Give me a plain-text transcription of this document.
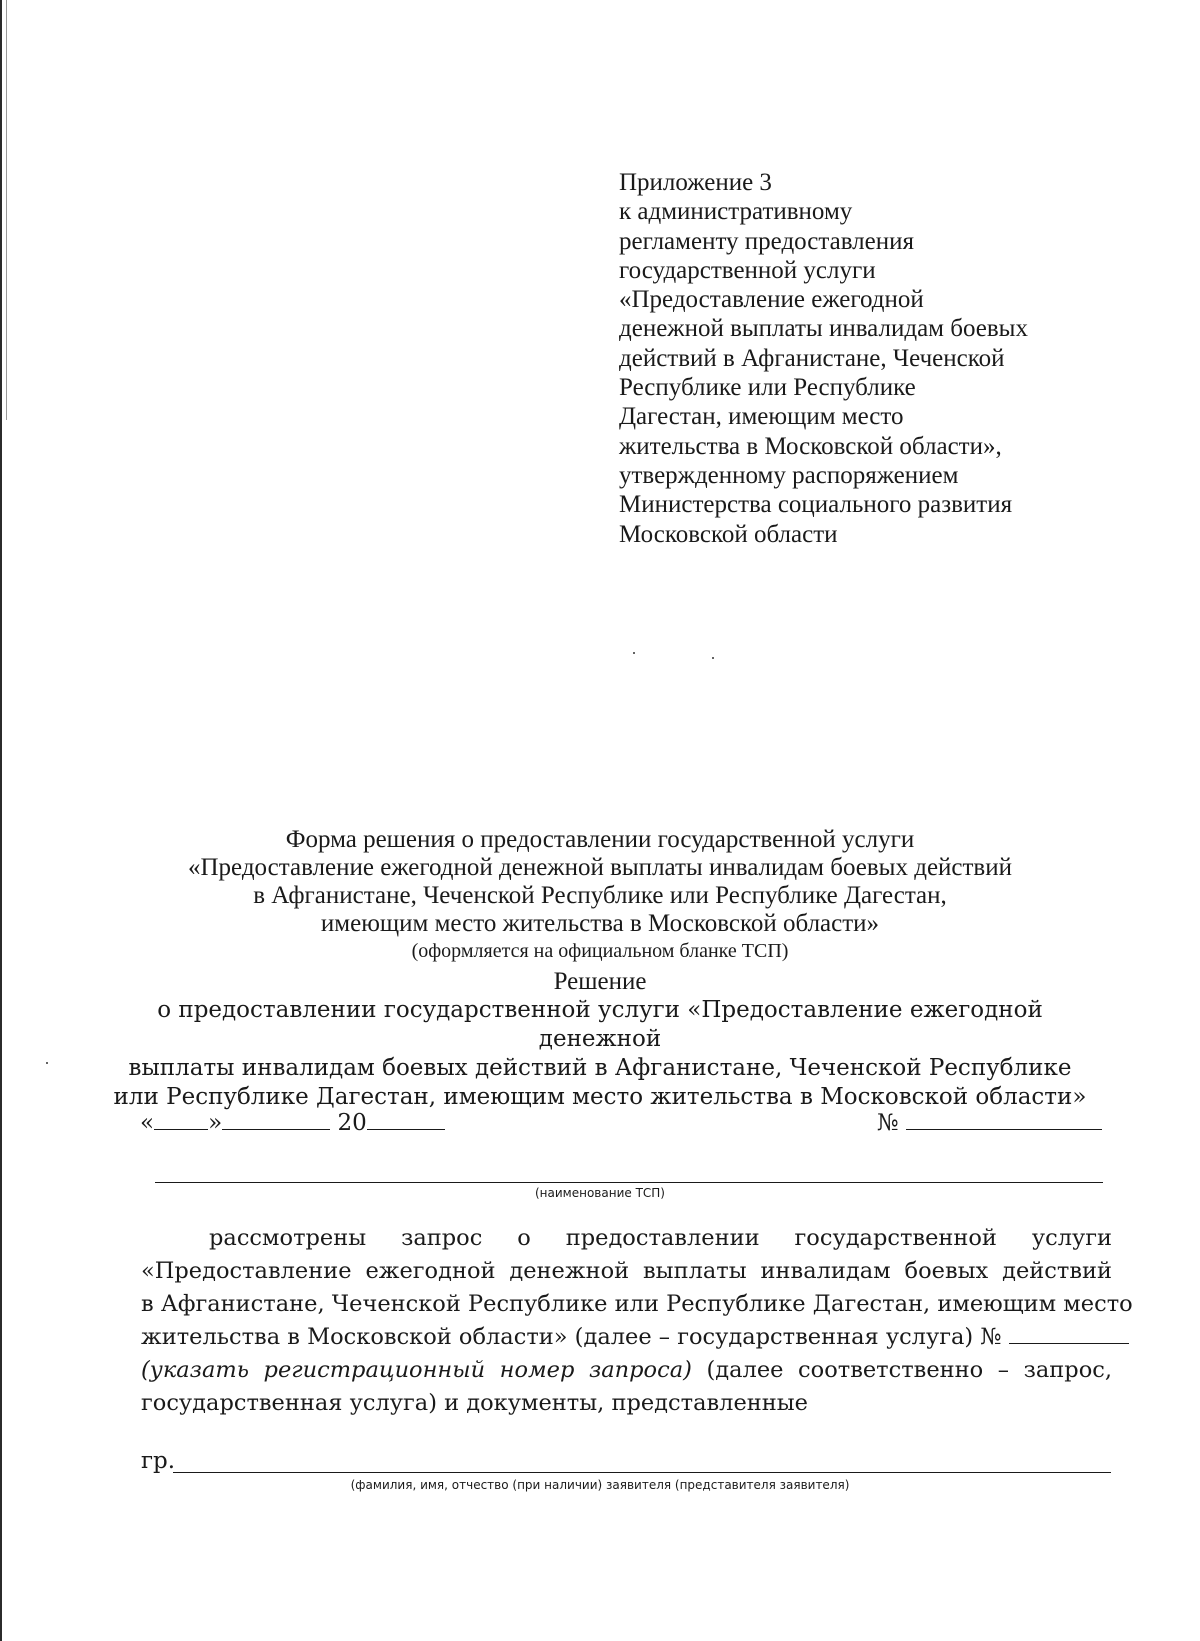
Приложение 3
к административному
регламенту предоставления
государственной услуги
«Предоставление ежегодной
денежной выплаты инвалидам боевых
действий в Афганистане, Чеченской
Республике или Республике
Дагестан, имеющим место
жительства в Московской области»,
утвержденному распоряжением
Министерства социального развития
Московской области
Форма решения о предоставлении государственной услуги
«Предоставление ежегодной денежной выплаты инвалидам боевых действий
в Афганистане, Чеченской Республике или Республике Дагестан,
имеющим место жительства в Московской области»
(оформляется на официальном бланке ТСП)
Решение
о предоставлении государственной услуги «Предоставление ежегодной денежной
выплаты инвалидам боевых действий в Афганистане, Чеченской Республике
или Республике Дагестан, имеющим место жительства в Московской области»
« »	20	№
(наименование ТСП)
рассмотрены запрос о предоставлении государственной услуги
«Предоставление ежегодной денежной выплаты инвалидам боевых действий
в Афганистане, Чеченской Республике или Республике Дагестан, имеющим место
жительства в Московской области» (далее – государственная услуга) №
(указать регистрационный номер запроса) (далее соответственно – запрос,
государственная услуга) и документы, представленные
гр.
(фамилия, имя, отчество (при наличии) заявителя (представителя заявителя)
